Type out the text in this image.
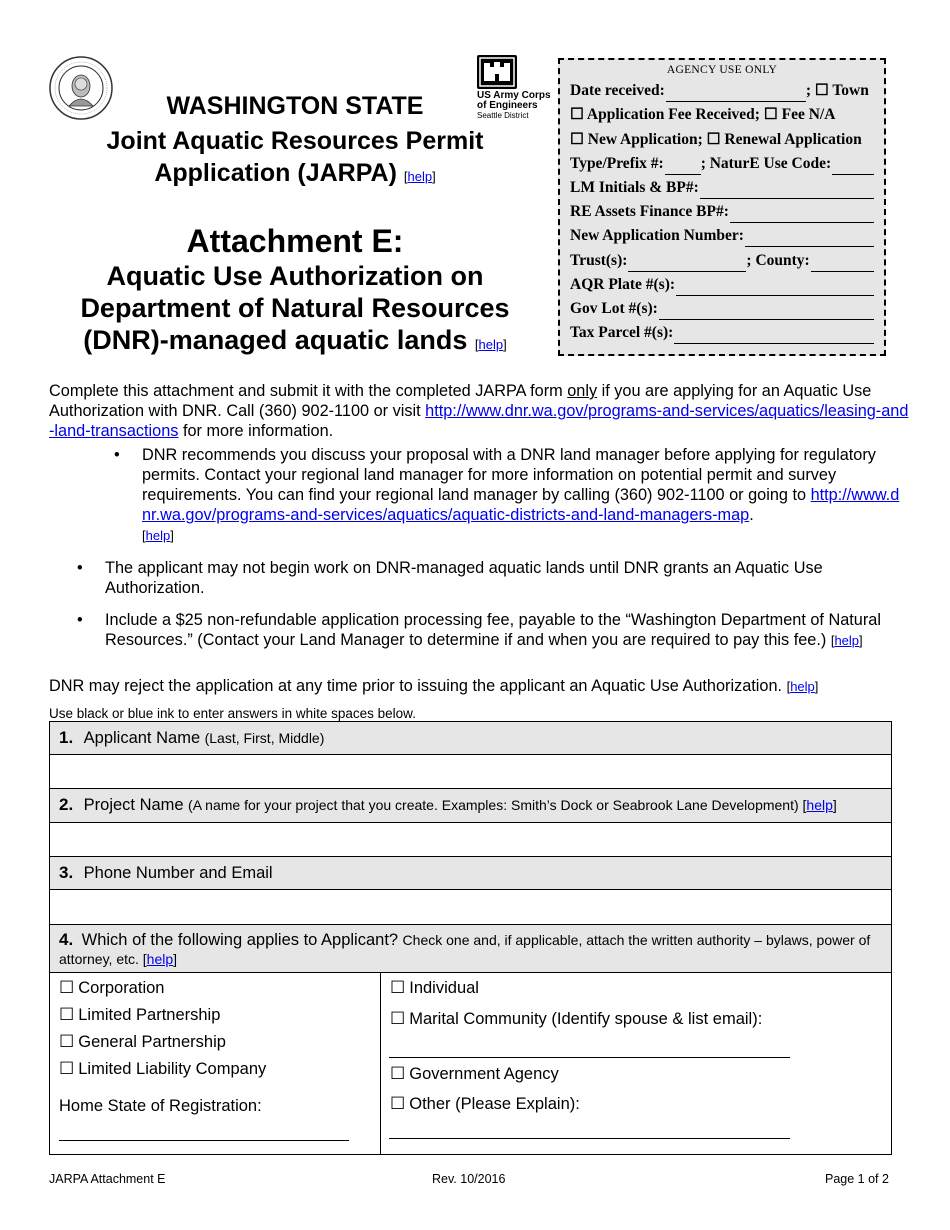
WASHINGTON STATE
Joint Aquatic Resources Permit
Application (JARPA) [help]
Attachment E:
Aquatic Use Authorization on
Department of Natural Resources
(DNR)-managed aquatic lands [help]
US Army Corps
of Engineers
Seattle District
AGENCY USE ONLY
Date received:	; ☐ Town
☐ Application Fee Received; ☐ Fee N/A
☐ New Application; ☐ Renewal Application
Type/Prefix #: ; NaturE Use Code:
LM Initials & BP#:
RE Assets Finance BP#:
New Application Number:
Trust(s):	; County:
AQR Plate #(s):
Gov Lot #(s):
Tax Parcel #(s):
Complete this attachment and submit it with the completed JARPA form only if you are applying for an Aquatic Use Authorization with DNR. Call (360) 902-1100 or visit http://www.dnr.wa.gov/programs-and-services/aquatics/leasing-and-land-transactions for more information.
• DNR recommends you discuss your proposal with a DNR land manager before applying for regulatory permits. Contact your regional land manager for more information on potential permit and survey requirements. You can find your regional land manager by calling (360) 902-1100 or going to http://www.dnr.wa.gov/programs-and-services/aquatics/aquatic-districts-and-land-managers-map.
[help]
• The applicant may not begin work on DNR-managed aquatic lands until DNR grants an Aquatic Use Authorization.
• Include a $25 non-refundable application processing fee, payable to the “Washington Department of Natural Resources.” (Contact your Land Manager to determine if and when you are required to pay this fee.) [help]
DNR may reject the application at any time prior to issuing the applicant an Aquatic Use Authorization. [help]
Use black or blue ink to enter answers in white spaces below.
1. Applicant Name (Last, First, Middle)
2. Project Name (A name for your project that you create. Examples: Smith’s Dock or Seabrook Lane Development) [help]
3. Phone Number and Email
4. Which of the following applies to Applicant? Check one and, if applicable, attach the written authority – bylaws, power of attorney, etc. [help]
☐ Corporation
☐ Limited Partnership
☐ General Partnership
☐ Limited Liability Company
Home State of Registration:
☐ Individual
☐ Marital Community (Identify spouse & list email):
☐ Government Agency
☐ Other (Please Explain):
JARPA Attachment E	Rev. 10/2016	Page 1 of 2
